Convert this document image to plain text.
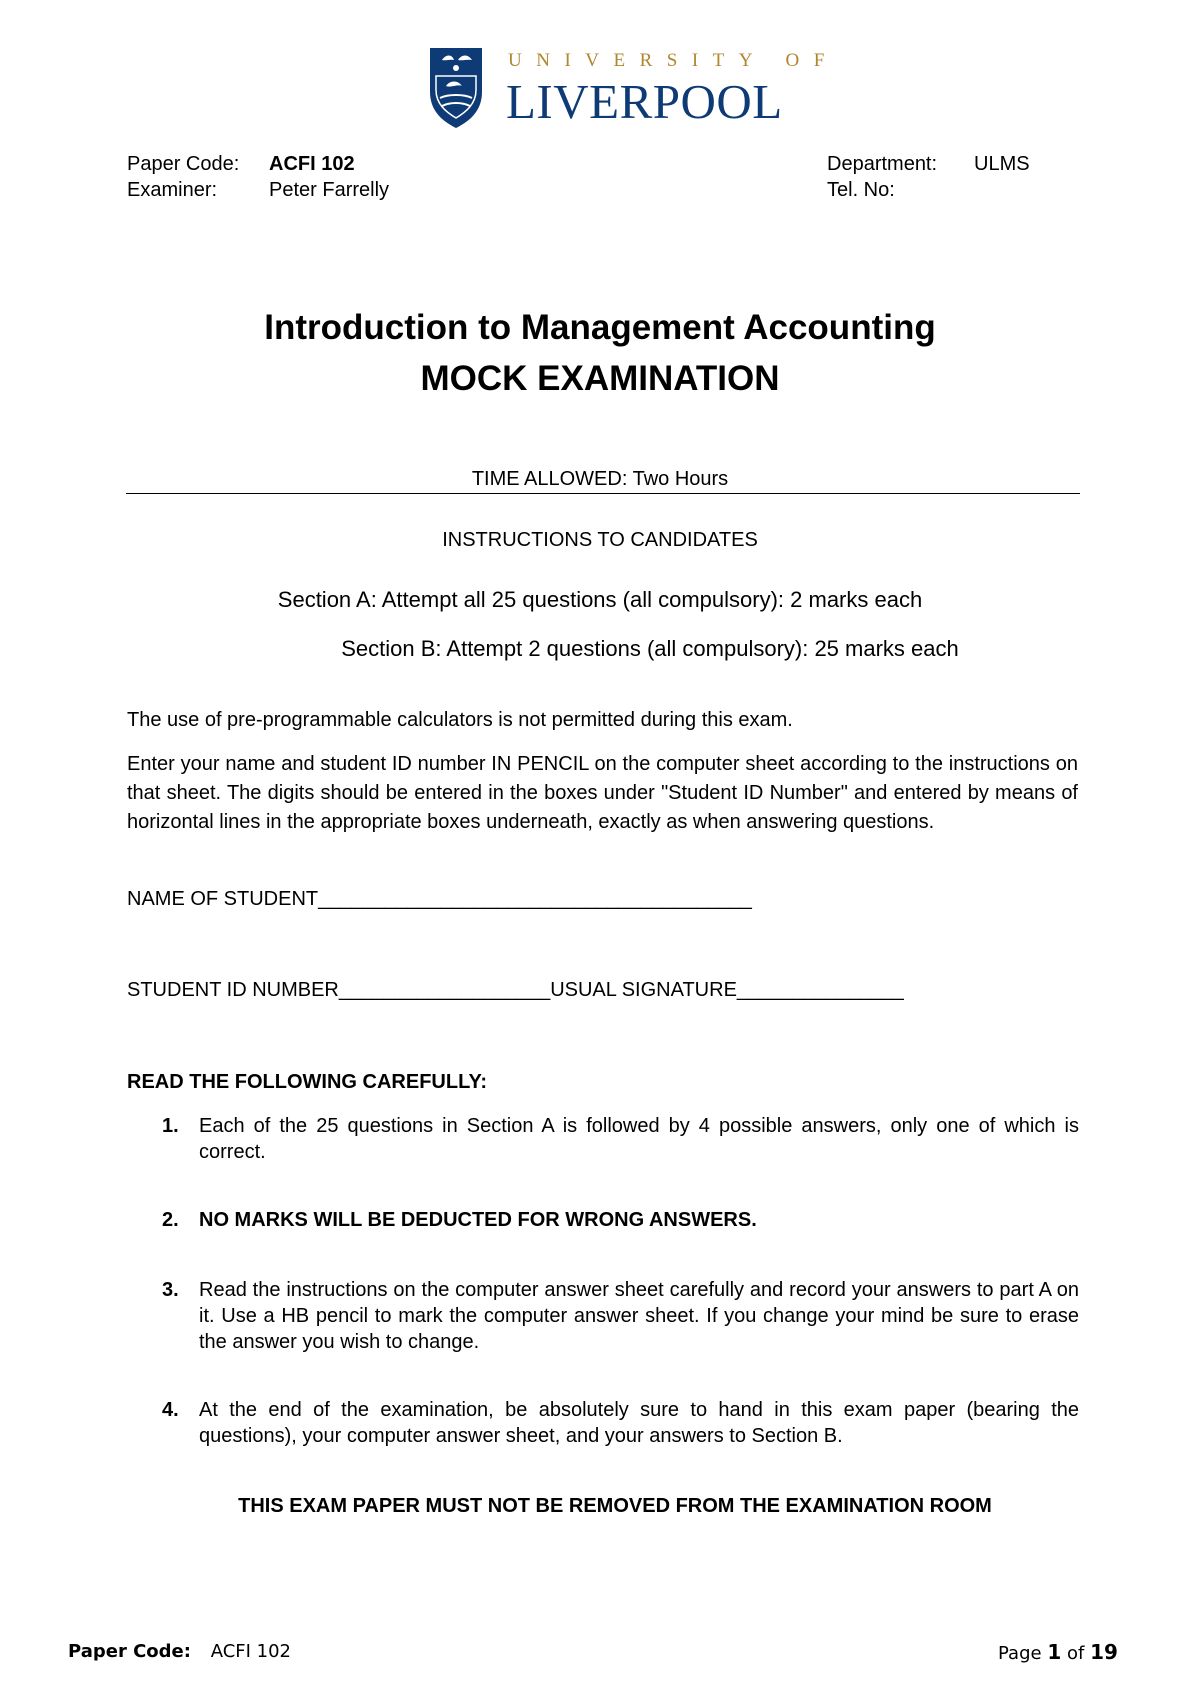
UNIVERSITY OF
LIVERPOOL
Paper Code: ACFI 102
Examiner:	Peter Farrelly
Department: ULMS
Tel. No:
Introduction to Management Accounting
MOCK EXAMINATION
TIME ALLOWED: Two Hours
INSTRUCTIONS TO CANDIDATES
Section A: Attempt all 25 questions (all compulsory): 2 marks each
Section B: Attempt 2 questions (all compulsory): 25 marks each
The use of pre-programmable calculators is not permitted during this exam.
Enter your name and student ID number IN PENCIL on the computer sheet according to the instructions on that sheet. The digits should be entered in the boxes under "Student ID Number" and entered by means of horizontal lines in the appropriate boxes underneath, exactly as when answering questions.
NAME OF STUDENT_______________________________________
STUDENT ID NUMBER___________________USUAL SIGNATURE_______________
READ THE FOLLOWING CAREFULLY:
1. Each of the 25 questions in Section A is followed by 4 possible answers, only one of which is correct.
2. NO MARKS WILL BE DEDUCTED FOR WRONG ANSWERS.
3. Read the instructions on the computer answer sheet carefully and record your answers to part A on it. Use a HB pencil to mark the computer answer sheet. If you change your mind be sure to erase the answer you wish to change.
4. At the end of the examination, be absolutely sure to hand in this exam paper (bearing the questions), your computer answer sheet, and your answers to Section B.
THIS EXAM PAPER MUST NOT BE REMOVED FROM THE EXAMINATION ROOM
Paper Code: ACFI 102	Page 1 of 19
